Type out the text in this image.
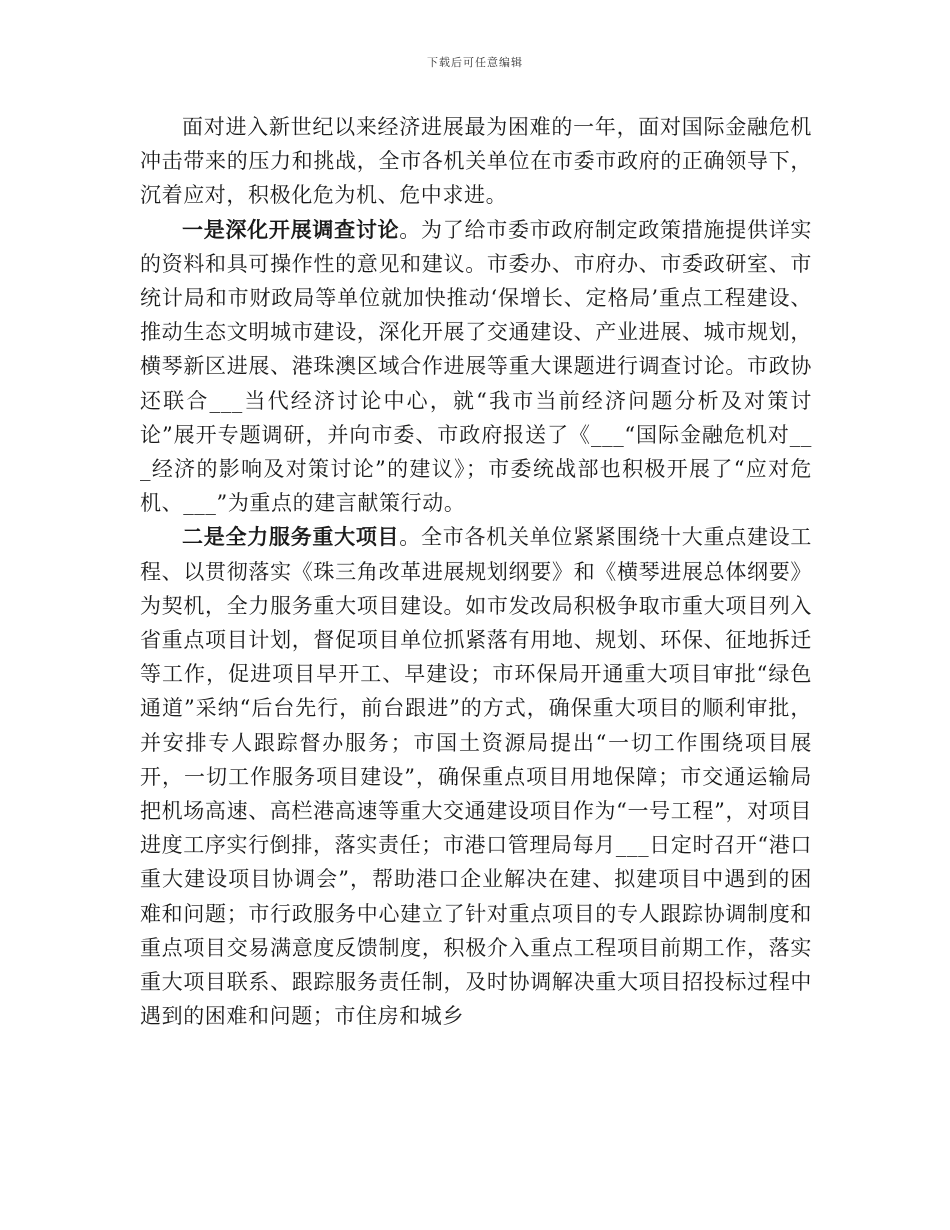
下载后可任意编辑

面对进入新世纪以来经济进展最为困难的一年，面对国际金融危机冲击带来的压力和挑战，全市各机关单位在市委市政府的正确领导下，沉着应对，积极化危为机、危中求进。

一是深化开展调查讨论。为了给市委市政府制定政策措施提供详实的资料和具可操作性的意见和建议。市委办、市府办、市委政研室、市统计局和市财政局等单位就加快推动‘保增长、定格局’重点工程建设、推动生态文明城市建设，深化开展了交通建设、产业进展、城市规划，横琴新区进展、港珠澳区域合作进展等重大课题进行调查讨论。市政协还联合___当代经济讨论中心，就“我市当前经济问题分析及对策讨论”展开专题调研，并向市委、市政府报送了《___“国际金融危机对___经济的影响及对策讨论”的建议》；市委统战部也积极开展了“应对危机、___”为重点的建言献策行动。

二是全力服务重大项目。全市各机关单位紧紧围绕十大重点建设工程、以贯彻落实《珠三角改革进展规划纲要》和《横琴进展总体纲要》为契机，全力服务重大项目建设。如市发改局积极争取市重大项目列入省重点项目计划，督促项目单位抓紧落有用地、规划、环保、征地拆迁等工作，促进项目早开工、早建设；市环保局开通重大项目审批“绿色通道”采纳“后台先行，前台跟进”的方式，确保重大项目的顺利审批，并安排专人跟踪督办服务；市国土资源局提出“一切工作围绕项目展开，一切工作服务项目建设”，确保重点项目用地保障；市交通运输局把机场高速、高栏港高速等重大交通建设项目作为“一号工程”，对项目进度工序实行倒排，落实责任；市港口管理局每月___日定时召开“港口重大建设项目协调会”，帮助港口企业解决在建、拟建项目中遇到的困难和问题；市行政服务中心建立了针对重点项目的专人跟踪协调制度和重点项目交易满意度反馈制度，积极介入重点工程项目前期工作，落实重大项目联系、跟踪服务责任制，及时协调解决重大项目招投标过程中遇到的困难和问题；市住房和城乡
